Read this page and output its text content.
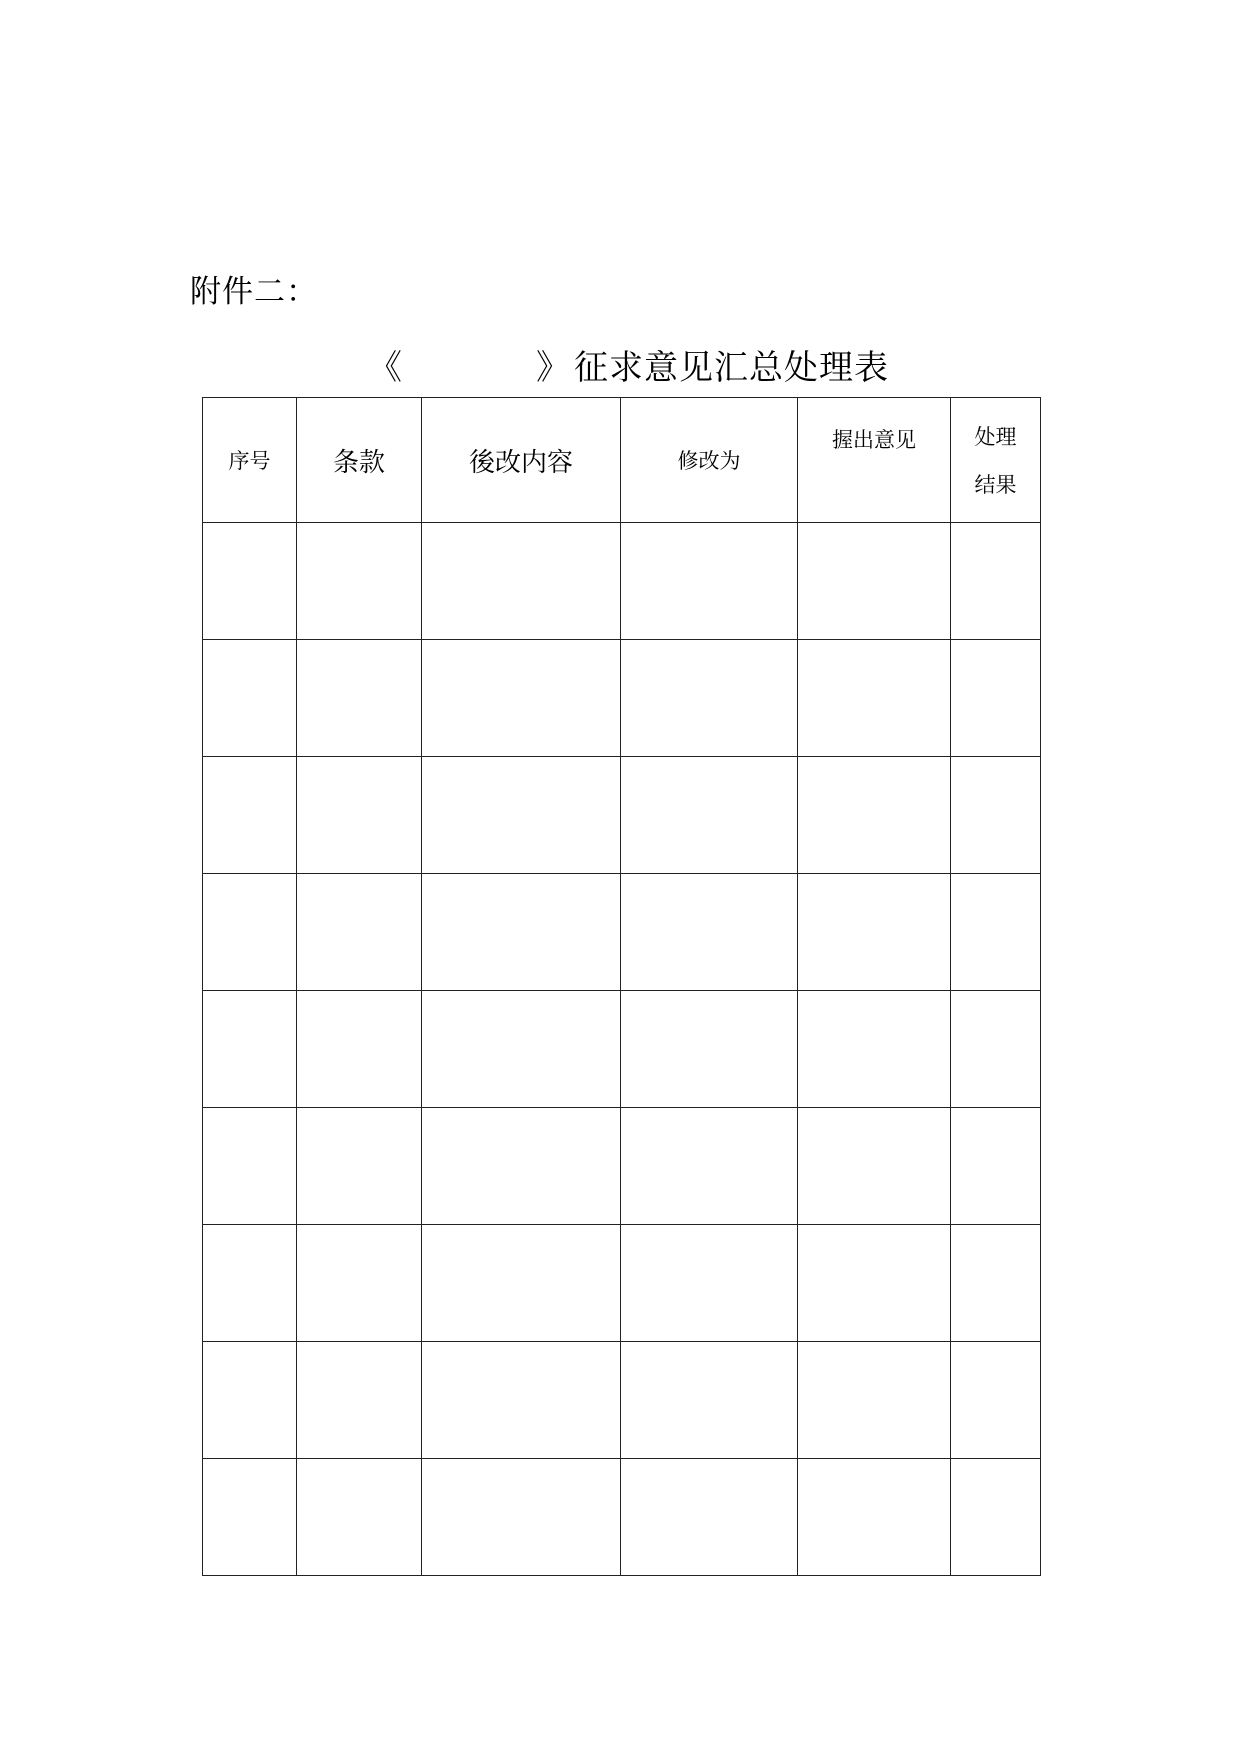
附件二：
《	》 征求意见汇总处理表
序号	条款	後改内容	修改为	握出意见	处理
结果
